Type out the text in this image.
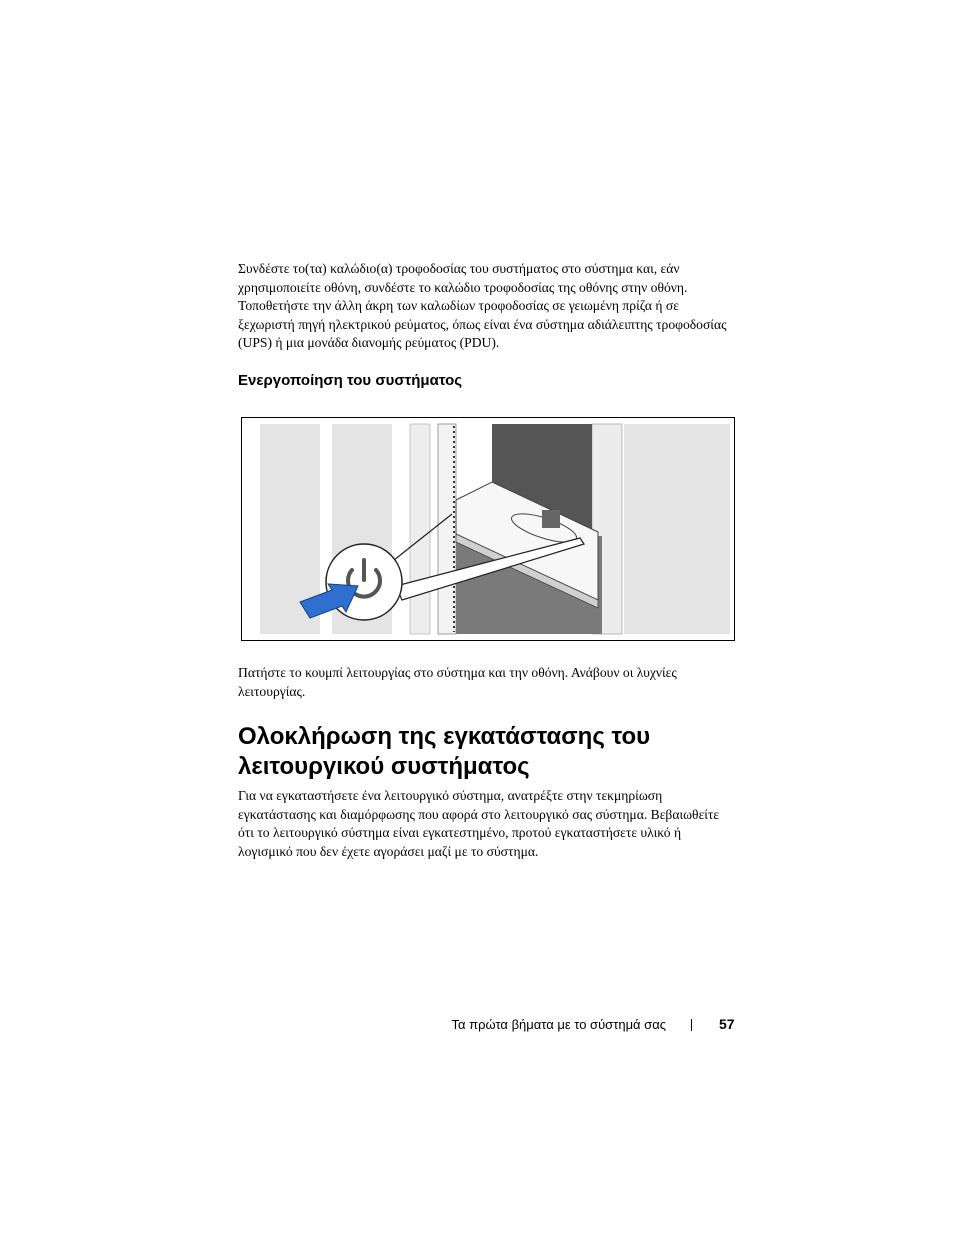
Συνδέστε το(τα) καλώδιο(α) τροφοδοσίας του συστήματος στο σύστημα και, εάν χρησιμοποιείτε οθόνη, συνδέστε το καλώδιο τροφοδοσίας της οθόνης στην οθόνη. Τοποθετήστε την άλλη άκρη των καλωδίων τροφοδοσίας σε γειωμένη πρίζα ή σε ξεχωριστή πηγή ηλεκτρικού ρεύματος, όπως είναι ένα σύστημα αδιάλειπτης τροφοδοσίας (UPS) ή μια μονάδα διανομής ρεύματος (PDU).

Ενεργοποίηση του συστήματος

Πατήστε το κουμπί λειτουργίας στο σύστημα και την οθόνη. Ανάβουν οι λυχνίες λειτουργίας.

Ολοκλήρωση της εγκατάστασης του λειτουργικού συστήματος

Για να εγκαταστήσετε ένα λειτουργικό σύστημα, ανατρέξτε στην τεκμηρίωση εγκατάστασης και διαμόρφωσης που αφορά στο λειτουργικό σας σύστημα. Βεβαιωθείτε ότι το λειτουργικό σύστημα είναι εγκατεστημένο, προτού εγκαταστήσετε υλικό ή λογισμικό που δεν έχετε αγοράσει μαζί με το σύστημα.

Τα πρώτα βήματα με το σύστημά σας	57
